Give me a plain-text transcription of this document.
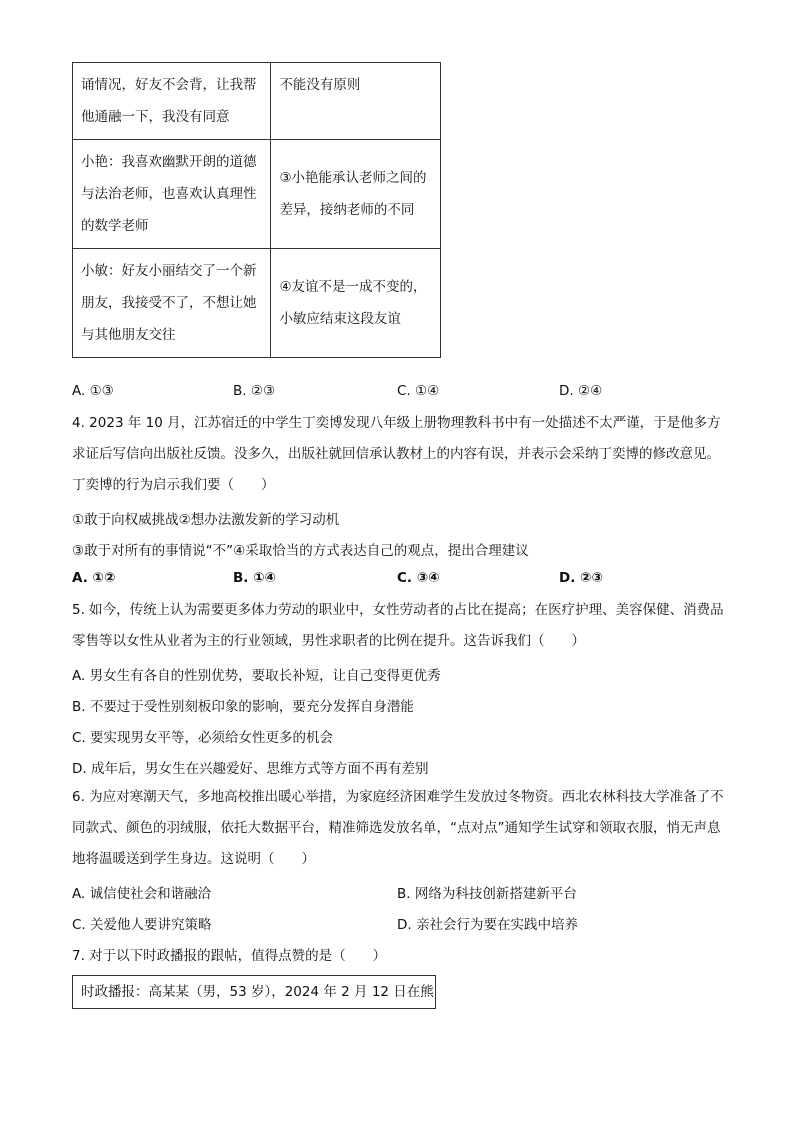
诵情况，好友不会背，让我帮他通融一下，我没有同意	不能没有原则
小艳：我喜欢幽默开朗的道德与法治老师，也喜欢认真理性的数学老师	③小艳能承认老师之间的差异，接纳老师的不同
小敏：好友小丽结交了一个新朋友，我接受不了，不想让她与其他朋友交往	④友谊不是一成不变的，小敏应结束这段友谊
A. ①③	B. ②③	C. ①④	D. ②④
4. 2023 年 10 月，江苏宿迁的中学生丁奕博发现八年级上册物理教科书中有一处描述不太严谨，于是他多方求证后写信向出版社反馈。没多久，出版社就回信承认教材上的内容有误，并表示会采纳丁奕博的修改意见。丁奕博的行为启示我们要（　　）
①敢于向权威挑战②想办法激发新的学习动机
③敢于对所有的事情说“不”④采取恰当的方式表达自己的观点，提出合理建议
A. ①②	B. ①④	C. ③④	D. ②③
5. 如今，传统上认为需要更多体力劳动的职业中，女性劳动者的占比在提高；在医疗护理、美容保健、消费品零售等以女性从业者为主的行业领域，男性求职者的比例在提升。这告诉我们（　　）
A. 男女生有各自的性别优势，要取长补短，让自己变得更优秀
B. 不要过于受性别刻板印象的影响，要充分发挥自身潜能
C. 要实现男女平等，必须给女性更多的机会
D. 成年后，男女生在兴趣爱好、思维方式等方面不再有差别
6. 为应对寒潮天气，多地高校推出暖心举措，为家庭经济困难学生发放过冬物资。西北农林科技大学准备了不同款式、颜色的羽绒服，依托大数据平台，精准筛选发放名单，“点对点”通知学生试穿和领取衣服，悄无声息地将温暖送到学生身边。这说明（　　）
A. 诚信使社会和谐融洽	B. 网络为科技创新搭建新平台
C. 关爱他人要讲究策略	D. 亲社会行为要在实践中培养
7. 对于以下时政播报的跟帖，值得点赞的是（　　）
时政播报：高某某（男，53 岁），2024 年 2 月 12 日在熊
